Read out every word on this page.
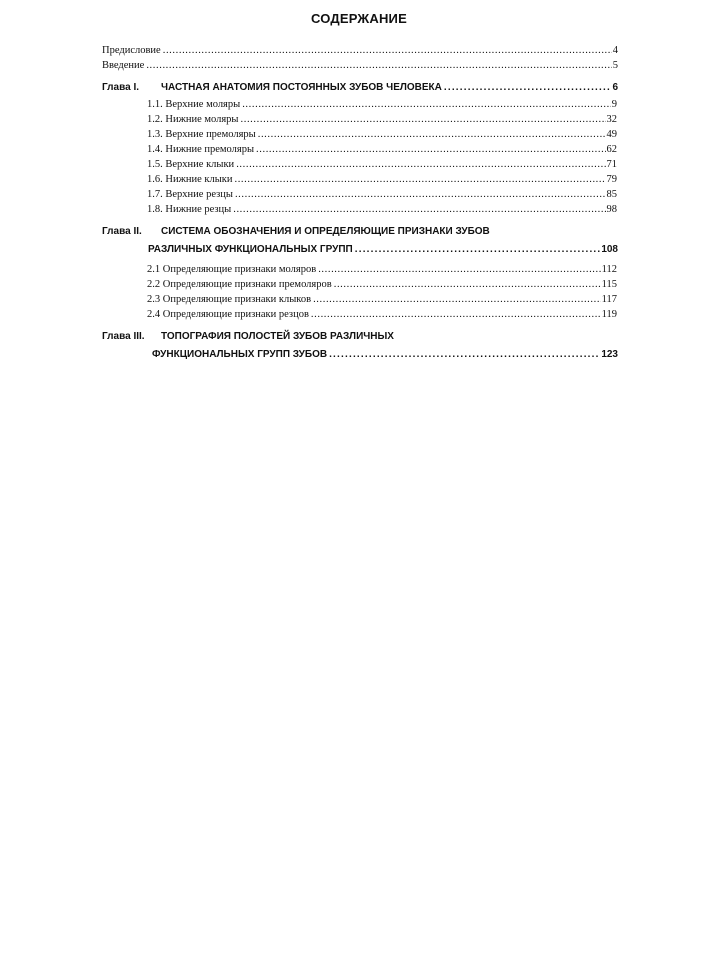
СОДЕРЖАНИЕ
Предисловие .....	4
Введение .....	5
Глава I. ЧАСТНАЯ АНАТОМИЯ ПОСТОЯННЫХ ЗУБОВ ЧЕЛОВЕКА .....	6
1.1. Верхние моляры .....	9
1.2. Нижние моляры .....	32
1.3. Верхние премоляры .....	49
1.4. Нижние премоляры .....	62
1.5. Верхние клыки .....	71
1.6. Нижние клыки .....	79
1.7. Верхние резцы .....	85
1.8. Нижние резцы .....	98
Глава II. СИСТЕМА ОБОЗНАЧЕНИЯ И ОПРЕДЕЛЯЮЩИЕ ПРИЗНАКИ ЗУБОВ
РАЗЛИЧНЫХ ФУНКЦИОНАЛЬНЫХ ГРУПП .....	108
2.1 Определяющие признаки моляров .....	112
2.2 Определяющие признаки премоляров .....	115
2.3 Определяющие признаки клыков .....	117
2.4 Определяющие признаки резцов .....	119
Глава III. ТОПОГРАФИЯ ПОЛОСТЕЙ ЗУБОВ РАЗЛИЧНЫХ
ФУНКЦИОНАЛЬНЫХ ГРУПП ЗУБОВ .....	123
